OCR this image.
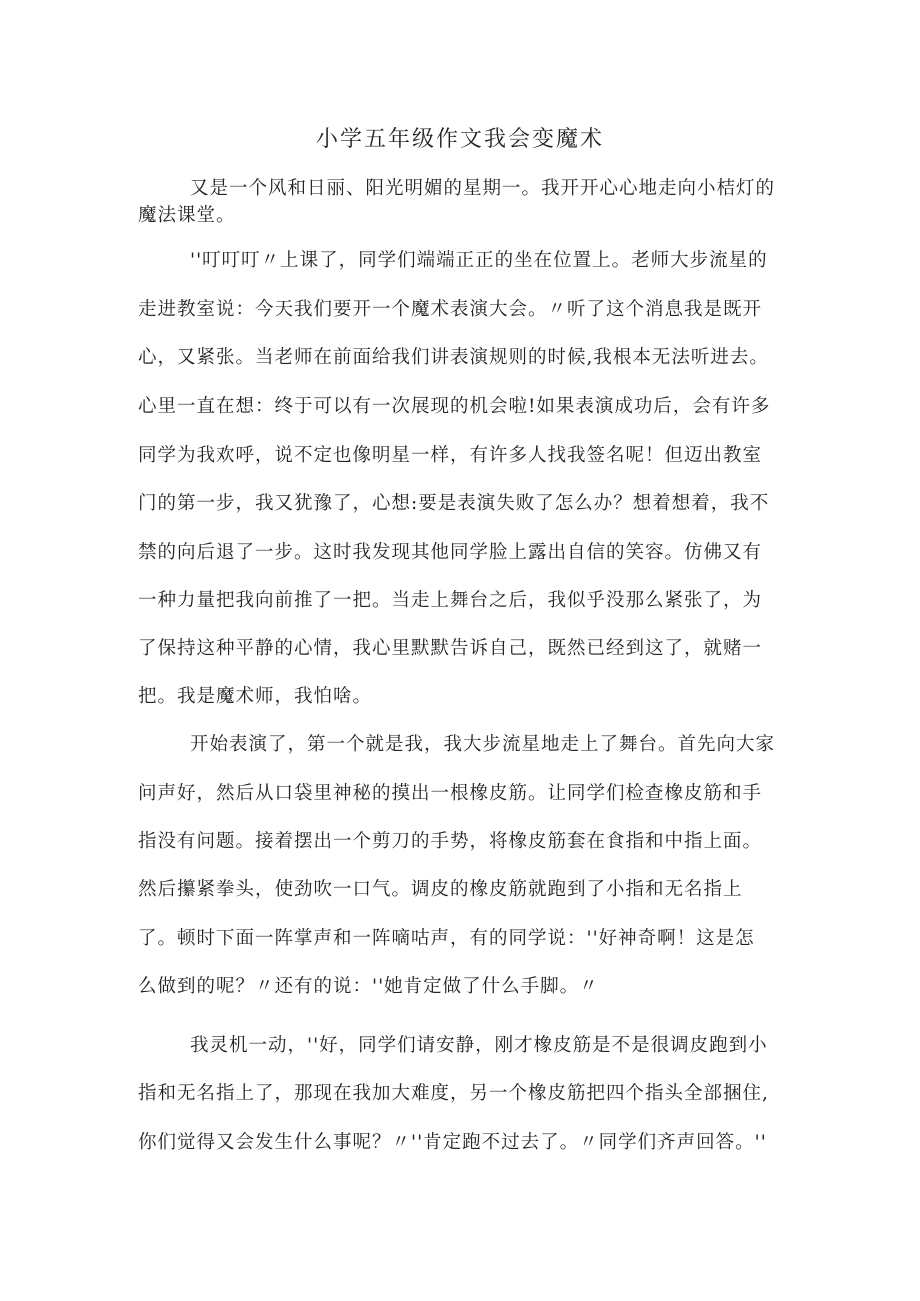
小学五年级作文我会变魔术

又是一个风和日丽、阳光明媚的星期一。我开开心心地走向小桔灯的

魔法课堂。

''叮叮叮〃上课了，同学们端端正正的坐在位置上。老师大步流星的

走进教室说：今天我们要开一个魔术表演大会。〃听了这个消息我是既开

心，又紧张。当老师在前面给我们讲表演规则的时候,我根本无法听进去。

心里一直在想：终于可以有一次展现的机会啦!如果表演成功后，会有许多

同学为我欢呼，说不定也像明星一样，有许多人找我签名呢！但迈出教室

门的第一步，我又犹豫了，心想:要是表演失败了怎么办？想着想着，我不

禁的向后退了一步。这时我发现其他同学脸上露出自信的笑容。仿佛又有

一种力量把我向前推了一把。当走上舞台之后，我似乎没那么紧张了，为

了保持这种平静的心情，我心里默默告诉自己，既然已经到这了，就赌一

把。我是魔术师，我怕啥。

开始表演了，第一个就是我，我大步流星地走上了舞台。首先向大家

问声好，然后从口袋里神秘的摸出一根橡皮筋。让同学们检查橡皮筋和手

指没有问题。接着摆出一个剪刀的手势，将橡皮筋套在食指和中指上面。

然后攥紧拳头，使劲吹一口气。调皮的橡皮筋就跑到了小指和无名指上

了。顿时下面一阵掌声和一阵嘀咕声，有的同学说：''好神奇啊！这是怎

么做到的呢？〃还有的说：''她肯定做了什么手脚。〃

我灵机一动，''好，同学们请安静，刚才橡皮筋是不是很调皮跑到小

指和无名指上了，那现在我加大难度，另一个橡皮筋把四个指头全部捆住,

你们觉得又会发生什么事呢？〃''肯定跑不过去了。〃同学们齐声回答。''
